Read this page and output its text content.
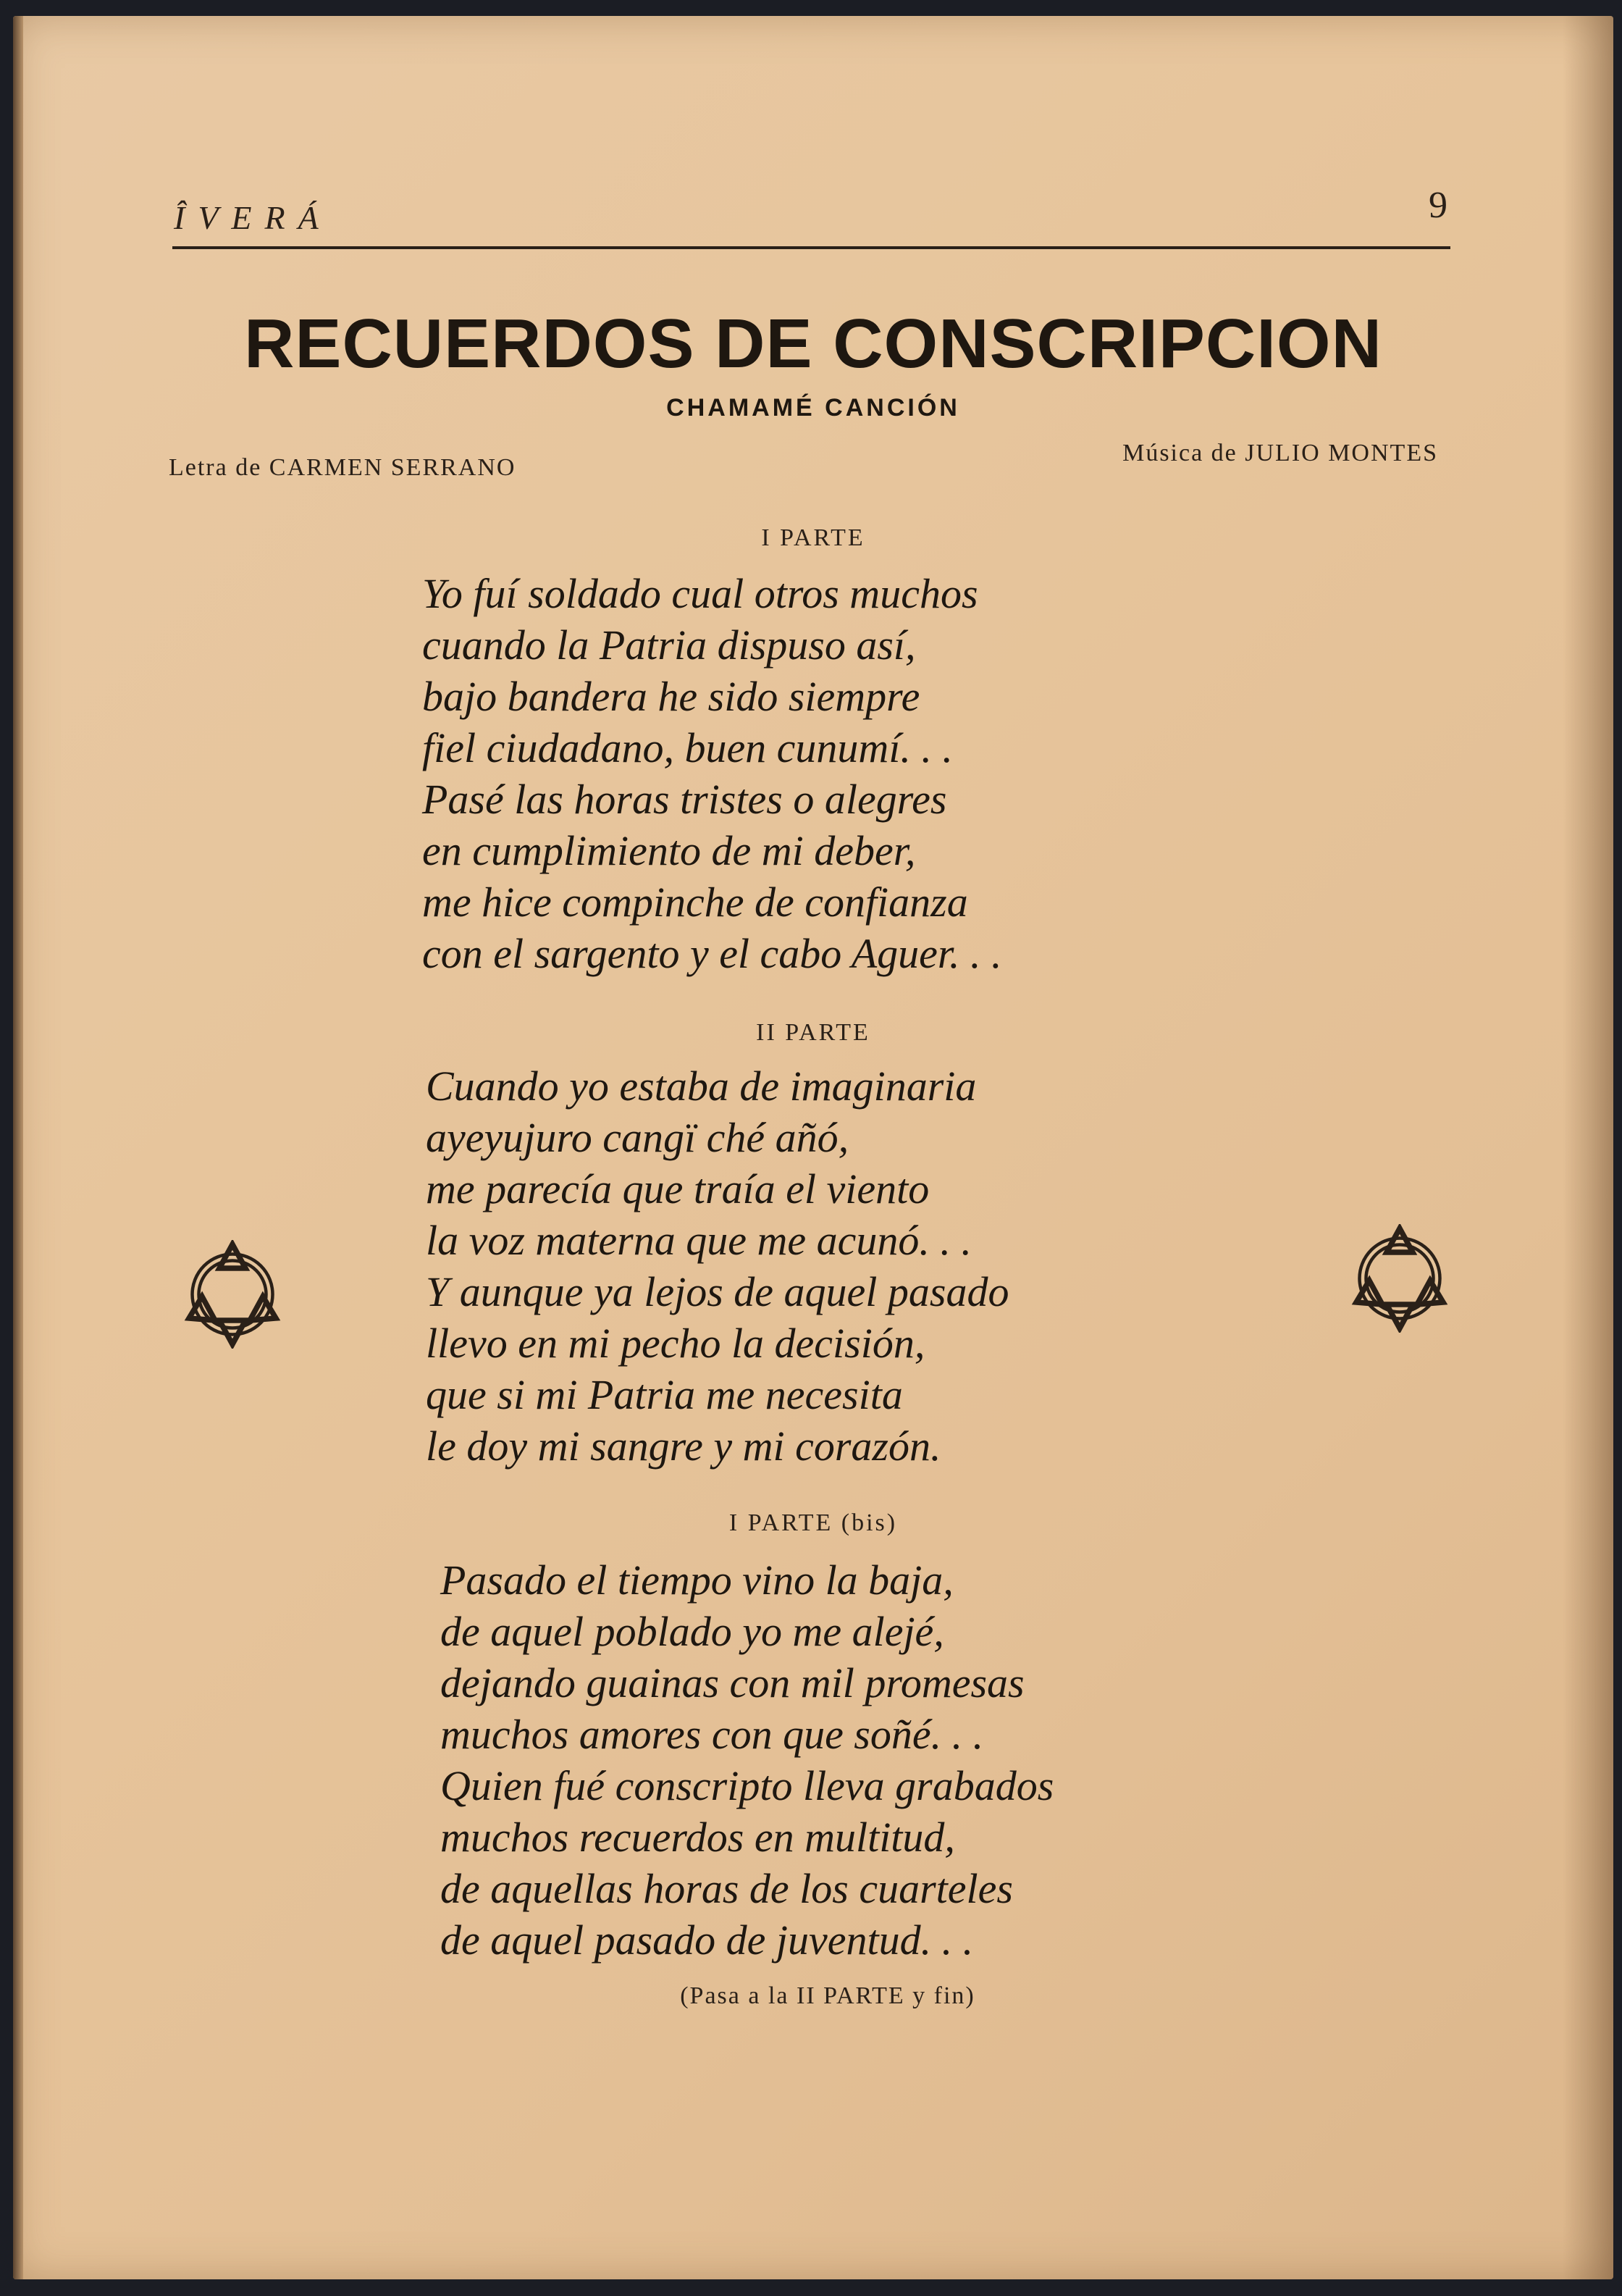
ÎVERÁ	9
RECUERDOS DE CONSCRIPCION
CHAMAMÉ CANCIÓN
Letra de CARMEN SERRANO
Música de JULIO MONTES
I PARTE
Yo fuí soldado cual otros muchos
cuando la Patria dispuso así,
bajo bandera he sido siempre
fiel ciudadano, buen cunumí. . .
Pasé las horas tristes o alegres
en cumplimiento de mi deber,
me hice compinche de confianza
con el sargento y el cabo Aguer. . .
II PARTE
Cuando yo estaba de imaginaria
ayeyujuro cangï ché añó,
me parecía que traía el viento
la voz materna que me acunó. . .
Y aunque ya lejos de aquel pasado
llevo en mi pecho la decisión,
que si mi Patria me necesita
le doy mi sangre y mi corazón.
I PARTE (bis)
Pasado el tiempo vino la baja,
de aquel poblado yo me alejé,
dejando guainas con mil promesas
muchos amores con que soñé. . .
Quien fué conscripto lleva grabados
muchos recuerdos en multitud,
de aquellas horas de los cuarteles
de aquel pasado de juventud. . .
(Pasa a la II PARTE y fin)
